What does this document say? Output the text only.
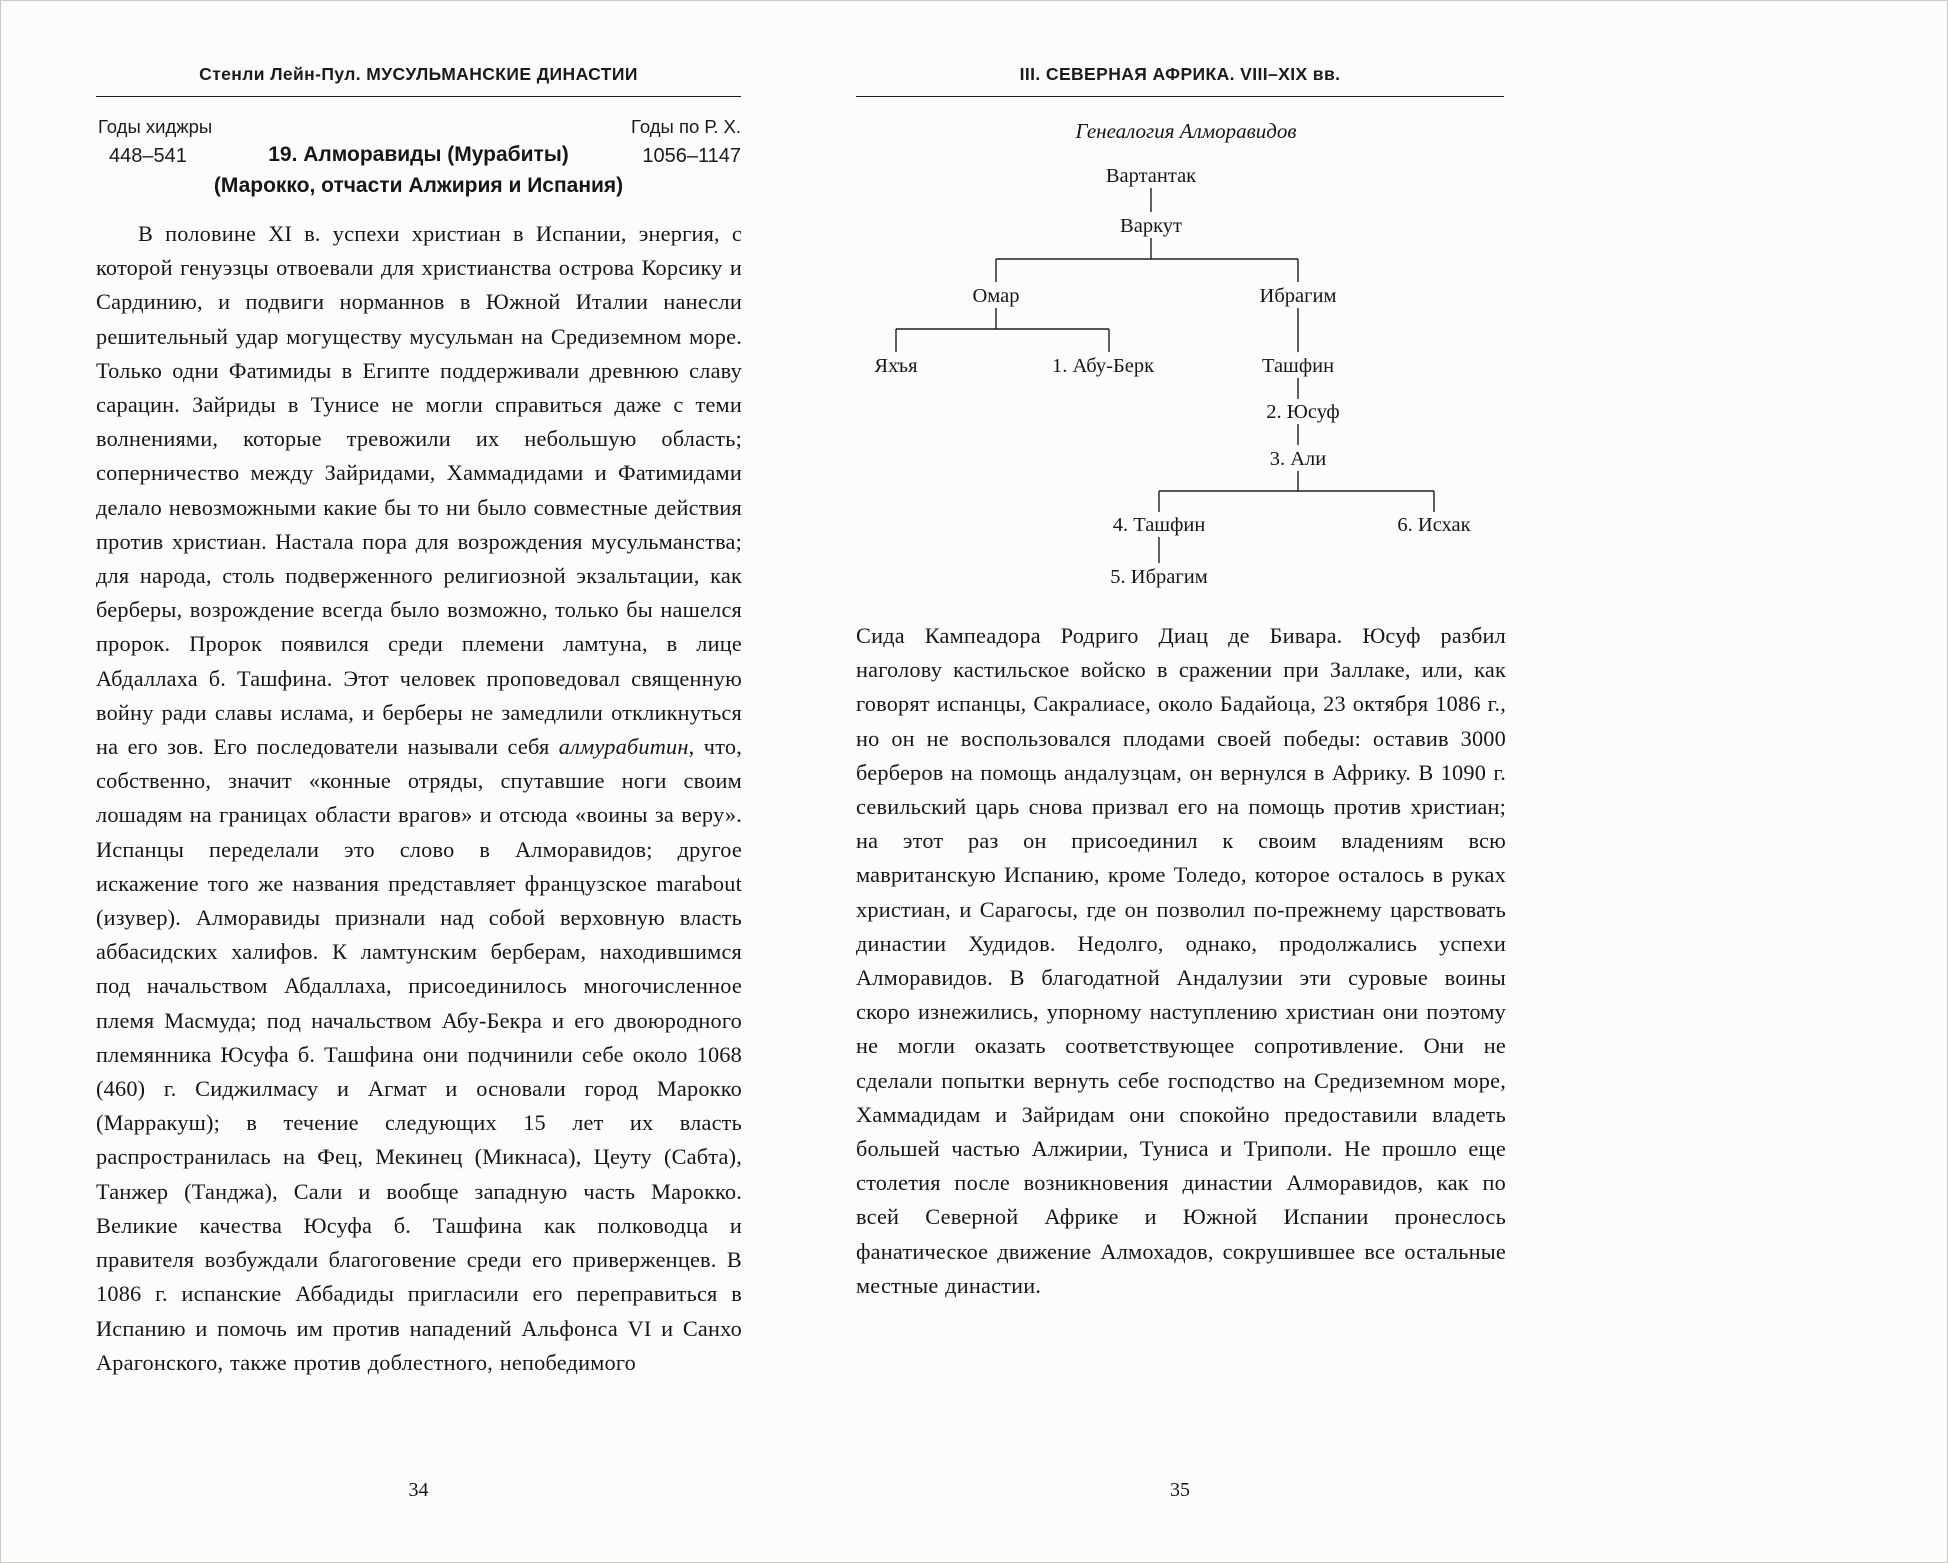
Стенли Лейн-Пул. МУСУЛЬМАНСКИЕ ДИНАСТИИ
Годы хиджры	Годы по Р. Х.
448–541	1056–1147
19. Алморавиды (Мурабиты)
(Марокко, отчасти Алжирия и Испания)
В половине XI в. успехи христиан в Испании, энергия, с которой генуэзцы отвоевали для христианства острова Корсику и Сардинию, и подвиги норманнов в Южной Италии нанесли решительный удар могуществу мусульман на Средиземном море. Только одни Фатимиды в Египте поддерживали древнюю славу сарацин. Зайриды в Тунисе не могли справиться даже с теми волнениями, которые тревожили их небольшую область; соперничество между Зайридами, Хаммадидами и Фатимидами делало невозможными какие бы то ни было совместные действия против христиан. Настала пора для возрождения мусульманства; для народа, столь подверженного религиозной экзальтации, как берберы, возрождение всегда было возможно, только бы нашелся пророк. Пророк появился среди племени ламтуна, в лице Абдаллаха б. Ташфина. Этот человек проповедовал священную войну ради славы ислама, и берберы не замедлили откликнуться на его зов. Его последователи называли себя алмурабитин, что, собственно, значит «конные отряды, спутавшие ноги своим лошадям на границах области врагов» и отсюда «воины за веру». Испанцы переделали это слово в Алморавидов; другое искажение того же названия представляет французское marabout (изувер). Алморавиды признали над собой верховную власть аббасидских халифов. К ламтунским берберам, находившимся под начальством Абдаллаха, присоединилось многочисленное племя Масмуда; под начальством Абу-Бекра и его двоюродного племянника Юсуфа б. Ташфина они подчинили себе около 1068 (460) г. Сиджилмасу и Агмат и основали город Марокко (Марракуш); в течение следующих 15 лет их власть распространилась на Фец, Мекинец (Микнаса), Цеуту (Сабта), Танжер (Танджа), Сали и вообще западную часть Марокко. Великие качества Юсуфа б. Ташфина как полководца и правителя возбуждали благоговение среди его приверженцев. В 1086 г. испанские Аббадиды пригласили его переправиться в Испанию и помочь им против нападений Альфонса VI и Санхо Арагонского, также против доблестного, непобедимого
34
III. СЕВЕРНАЯ АФРИКА. VIII–XIX вв.
Генеалогия Алморавидов
Вартантак
Варкут
Омар	Ибрагим
Яхъя	1. Абу-Берк	Ташфин
2. Юсуф
3. Али
4. Ташфин	6. Исхак
5. Ибрагим
Сида Кампеадора Родриго Диац де Бивара. Юсуф разбил наголову кастильское войско в сражении при Заллаке, или, как говорят испанцы, Сакралиасе, около Бадайоца, 23 октября 1086 г., но он не воспользовался плодами своей победы: оставив 3000 берберов на помощь андалузцам, он вернулся в Африку. В 1090 г. севильский царь снова призвал его на помощь против христиан; на этот раз он присоединил к своим владениям всю мавританскую Испанию, кроме Толедо, которое осталось в руках христиан, и Сарагосы, где он позволил по-прежнему царствовать династии Худидов. Недолго, однако, продолжались успехи Алморавидов. В благодатной Андалузии эти суровые воины скоро изнежились, упорному наступлению христиан они поэтому не могли оказать соответствующее сопротивление. Они не сделали попытки вернуть себе господство на Средиземном море, Хаммадидам и Зайридам они спокойно предоставили владеть большей частью Алжирии, Туниса и Триполи. Не прошло еще столетия после возникновения династии Алморавидов, как по всей Северной Африке и Южной Испании пронеслось фанатическое движение Алмохадов, сокрушившее все остальные местные династии.
35
